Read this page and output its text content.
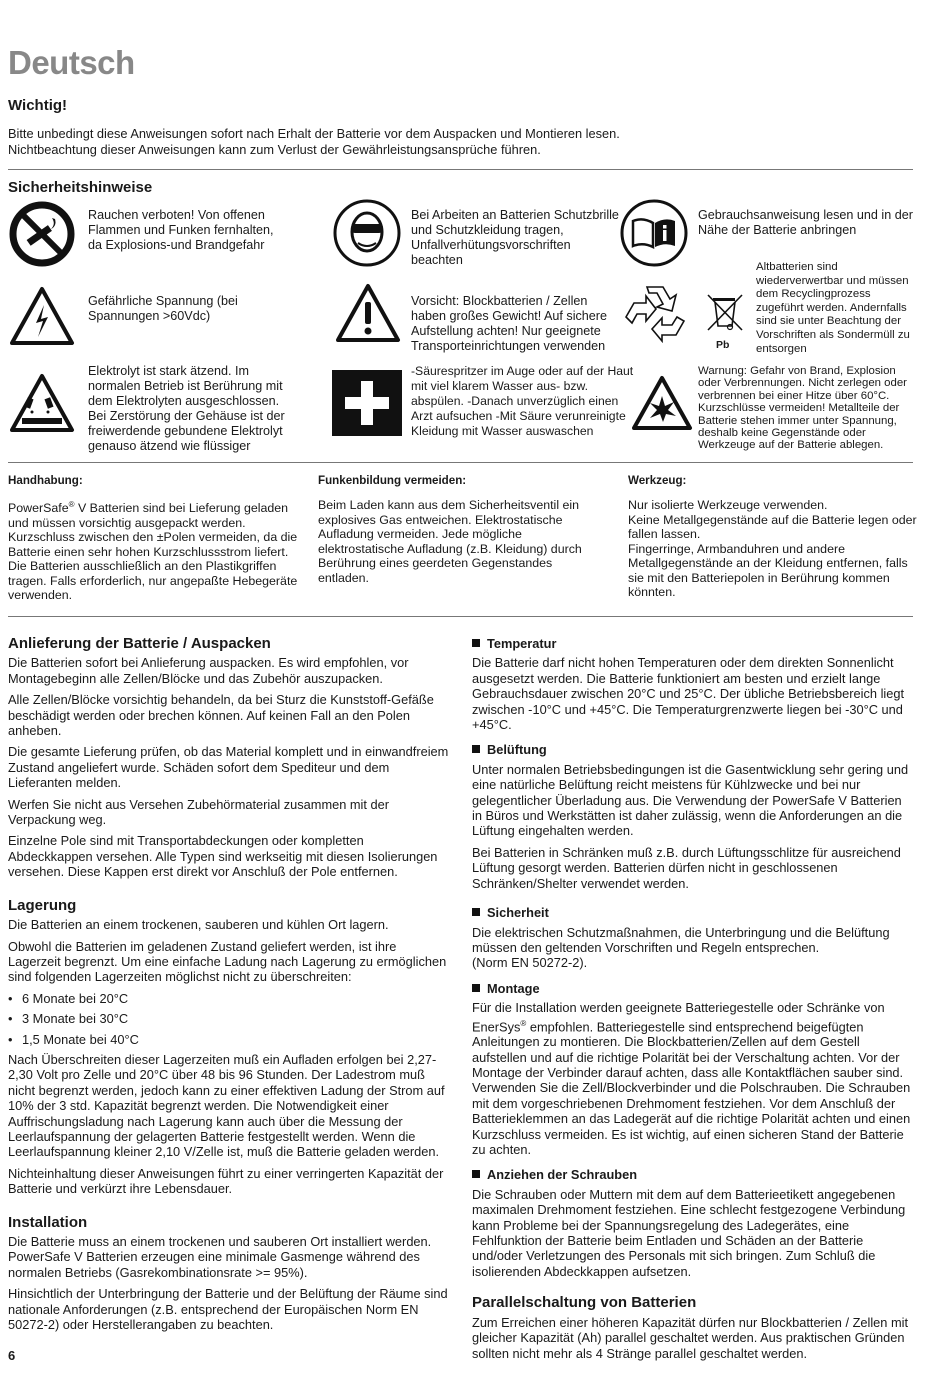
Deutsch
Wichtig!
Bitte unbedingt diese Anweisungen sofort nach Erhalt der Batterie vor dem Auspacken und Montieren lesen.
Nichtbeachtung dieser Anweisungen kann zum Verlust der Gewährleistungsansprüche führen.
Sicherheitshinweise
Rauchen verboten! Von offenen Flammen und Funken fernhalten, da Explosions-und Brandgefahr
Bei Arbeiten an Batterien Schutzbrille und Schutzkleidung tragen, Unfallverhütungsvorschriften beachten
Gebrauchsanweisung lesen und in der Nähe der Batterie anbringen
Gefährliche Spannung (bei Spannungen >60Vdc)
Vorsicht: Blockbatterien / Zellen haben großes Gewicht! Auf sichere Aufstellung achten! Nur geeignete Transporteinrichtungen verwenden	Pb
Altbatterien sind wiederverwertbar und müssen dem Recyclingprozess zugeführt werden. Andernfalls sind sie unter Beachtung der Vorschriften als Sondermüll zu entsorgen
Elektrolyt ist stark ätzend. Im normalen Betrieb ist Berührung mit dem Elektrolyten ausgeschlossen. Bei Zerstörung der Gehäuse ist der freiwerdende gebundene Elektrolyt genauso ätzend wie flüssiger
-Säurespritzer im Auge oder auf der Haut mit viel klarem Wasser aus- bzw. abspülen. -Danach unverzüglich einen Arzt aufsuchen -Mit Säure verunreinigte Kleidung mit Wasser auswaschen
Warnung: Gefahr von Brand, Explosion oder Verbrennungen. Nicht zerlegen oder verbrennen bei einer Hitze über 60°C. Kurzschlüsse vermeiden! Metallteile der Batterie stehen immer unter Spannung, deshalb keine Gegenstände oder Werkzeuge auf der Batterie ablegen.
Handhabung:
PowerSafe® V Batterien sind bei Lieferung geladen und müssen vorsichtig ausgepackt werden. Kurzschluss zwischen den ±Polen vermeiden, da die Batterie einen sehr hohen Kurzschlussstrom liefert. Die Batterien ausschließlich an den Plastikgriffen tragen. Falls erforderlich, nur angepaßte Hebegeräte verwenden.
Funkenbildung vermeiden:
Beim Laden kann aus dem Sicherheitsventil ein explosives Gas entweichen. Elektrostatische Aufladung vermeiden. Jede mögliche elektrostatische Aufladung (z.B. Kleidung) durch Berührung eines geerdeten Gegenstandes entladen.
Werkzeug:
Nur isolierte Werkzeuge verwenden.
Keine Metallgegenstände auf die Batterie legen oder fallen lassen.
Fingerringe, Armbanduhren und andere Metallgegenstände an der Kleidung entfernen, falls sie mit den Batteriepolen in Berührung kommen könnten.
Anlieferung der Batterie / Auspacken

Die Batterien sofort bei Anlieferung auspacken. Es wird empfohlen, vor Montagebeginn alle Zellen/Blöcke und das Zubehör auszupacken.

Alle Zellen/Blöcke vorsichtig behandeln, da bei Sturz die Kunststoff-Gefäße beschädigt werden oder brechen können. Auf keinen Fall an den Polen anheben.

Die gesamte Lieferung prüfen, ob das Material komplett und in einwandfreiem Zustand angeliefert wurde. Schäden sofort dem Spediteur und dem Lieferanten melden.

Werfen Sie nicht aus Versehen Zubehörmaterial zusammen mit der Verpackung weg.

Einzelne Pole sind mit Transportabdeckungen oder kompletten Abdeckkappen versehen. Alle Typen sind werkseitig mit diesen Isolierungen versehen. Diese Kappen erst direkt vor Anschluß der Pole entfernen.

Lagerung

Die Batterien an einem trockenen, sauberen und kühlen Ort lagern.

Obwohl die Batterien im geladenen Zustand geliefert werden, ist ihre Lagerzeit begrenzt. Um eine einfache Ladung nach Lagerung zu ermöglichen sind folgenden Lagerzeiten möglichst nicht zu überschreiten:

• 6 Monate bei 20°C
• 3 Monate bei 30°C
• 1,5 Monate bei 40°C

Nach Überschreiten dieser Lagerzeiten muß ein Aufladen erfolgen bei 2,27-2,30 Volt pro Zelle und 20°C über 48 bis 96 Stunden. Der Ladestrom muß nicht begrenzt werden, jedoch kann zu einer effektiven Ladung der Strom auf 10% der 3 std. Kapazität begrenzt werden. Die Notwendigkeit einer Auffrischungsladung nach Lagerung kann auch über die Messung der Leerlaufspannung der gelagerten Batterie festgestellt werden. Wenn die Leerlaufspannung kleiner 2,10 V/Zelle ist, muß die Batterie geladen werden.

Nichteinhaltung dieser Anweisungen führt zu einer verringerten Kapazität der Batterie und verkürzt ihre Lebensdauer.

Installation

Die Batterie muss an einem trockenen und sauberen Ort installiert werden. PowerSafe V Batterien erzeugen eine minimale Gasmenge während des normalen Betriebs (Gasrekombinationsrate >= 95%).

Hinsichtlich der Unterbringung der Batterie und der Belüftung der Räume sind nationale Anforderungen (z.B. entsprechend der Europäischen Norm EN 50272-2) oder Herstellerangaben zu beachten.

Temperatur

Die Batterie darf nicht hohen Temperaturen oder dem direkten Sonnenlicht ausgesetzt werden. Die Batterie funktioniert am besten und erzielt lange Gebrauchsdauer zwischen 20°C und 25°C. Der übliche Betriebsbereich liegt zwischen -10°C und +45°C. Die Temperaturgrenzwerte liegen bei -30°C und +45°C.

Belüftung

Unter normalen Betriebsbedingungen ist die Gasentwicklung sehr gering und eine natürliche Belüftung reicht meistens für Kühlzwecke und bei nur gelegentlicher Überladung aus. Die Verwendung der PowerSafe V Batterien in Büros und Werkstätten ist daher zulässig, wenn die Anforderungen an die Lüftung eingehalten werden.

Bei Batterien in Schränken muß z.B. durch Lüftungsschlitze für ausreichend Lüftung gesorgt werden. Batterien dürfen nicht in geschlossenen Schränken/Shelter verwendet werden.

Sicherheit

Die elektrischen Schutzmaßnahmen, die Unterbringung und die Belüftung müssen den geltenden Vorschriften und Regeln entsprechen.

(Norm EN 50272-2).

Montage

Für die Installation werden geeignete Batteriegestelle oder Schränke von EnerSys® empfohlen. Batteriegestelle sind entsprechend beigefügten Anleitungen zu montieren. Die Blockbatterien/Zellen auf dem Gestell aufstellen und auf die richtige Polarität bei der Verschaltung achten. Vor der Montage der Verbinder darauf achten, dass alle Kontaktflächen sauber sind. Verwenden Sie die Zell/Blockverbinder und die Polschrauben. Die Schrauben mit dem vorgeschriebenen Drehmoment festziehen. Vor dem Anschluß der Batterieklemmen an das Ladegerät auf die richtige Polarität achten und einen Kurzschluss vermeiden. Es ist wichtig, auf einen sicheren Stand der Batterie zu achten.

Anziehen der Schrauben

Die Schrauben oder Muttern mit dem auf dem Batterieetikett angegebenen maximalen Drehmoment festziehen. Eine schlecht festgezogene Verbindung kann Probleme bei der Spannungsregelung des Ladegerätes, eine Fehlfunktion der Batterie beim Entladen und Schäden an der Batterie und/oder Verletzungen des Personals mit sich bringen. Zum Schluß die isolierenden Abdeckkappen aufsetzen.

Parallelschaltung von Batterien

Zum Erreichen einer höheren Kapazität dürfen nur Blockbatterien / Zellen mit gleicher Kapazität (Ah) parallel geschaltet werden. Aus praktischen Gründen sollten nicht mehr als 4 Stränge parallel geschaltet werden.

6
